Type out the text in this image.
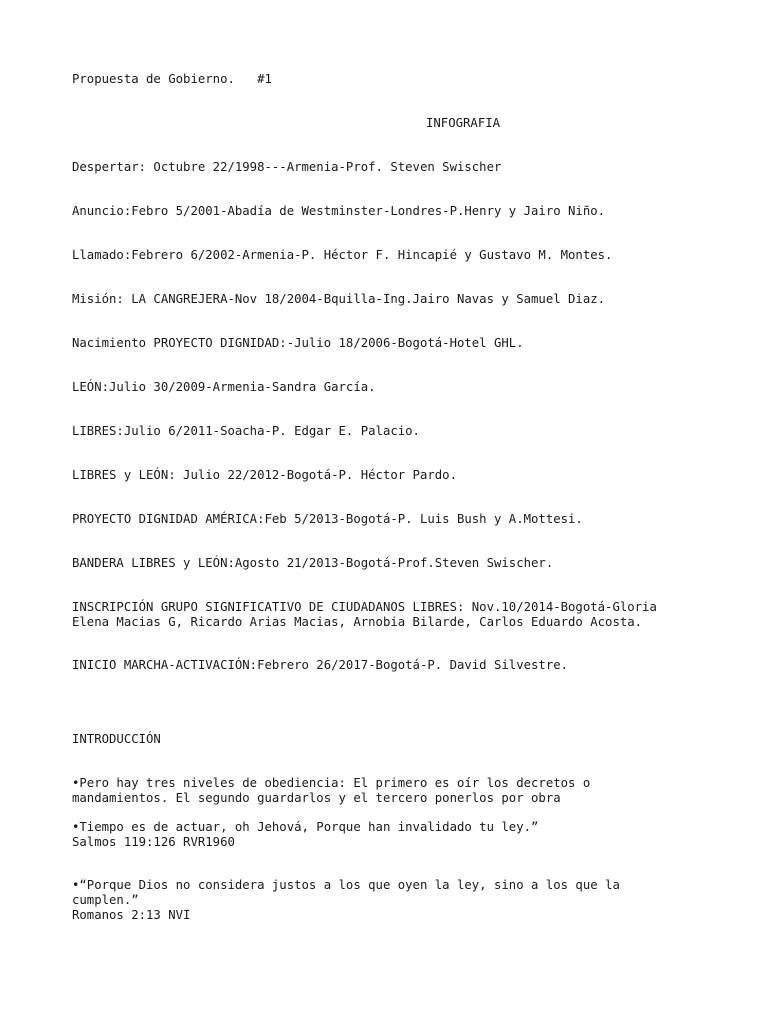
Propuesta de Gobierno.   #1
INFOGRAFIA
Despertar: Octubre 22/1998---Armenia-Prof. Steven Swischer
Anuncio:Febro 5/2001-Abadía de Westminster-Londres-P.Henry y Jairo Niño.
Llamado:Febrero 6/2002-Armenia-P. Héctor F. Hincapié y Gustavo M. Montes.
Misión: LA CANGREJERA-Nov 18/2004-Bquilla-Ing.Jairo Navas y Samuel Diaz.
Nacimiento PROYECTO DIGNIDAD:-Julio 18/2006-Bogotá-Hotel GHL.
LEÓN:Julio 30/2009-Armenia-Sandra García.
LIBRES:Julio 6/2011-Soacha-P. Edgar E. Palacio.
LIBRES y LEÓN: Julio 22/2012-Bogotá-P. Héctor Pardo.
PROYECTO DIGNIDAD AMÉRICA:Feb 5/2013-Bogotá-P. Luis Bush y A.Mottesi.
BANDERA LIBRES y LEÓN:Agosto 21/2013-Bogotá-Prof.Steven Swischer.
INSCRIPCIÓN GRUPO SIGNIFICATIVO DE CIUDADANOS LIBRES: Nov.10/2014-Bogotá-Gloria
Elena Macias G, Ricardo Arias Macias, Arnobia Bilarde, Carlos Eduardo Acosta.
INICIO MARCHA-ACTIVACIÓN:Febrero 26/2017-Bogotá-P. David Silvestre.
INTRODUCCIÓN
•Pero hay tres niveles de obediencia: El primero es oír los decretos o
mandamientos. El segundo guardarlos y el tercero ponerlos por obra
•Tiempo es de actuar, oh Jehová, Porque han invalidado tu ley.”
Salmos 119:126 RVR1960
•“Porque Dios no considera justos a los que oyen la ley, sino a los que la
cumplen.”
Romanos 2:13 NVI
